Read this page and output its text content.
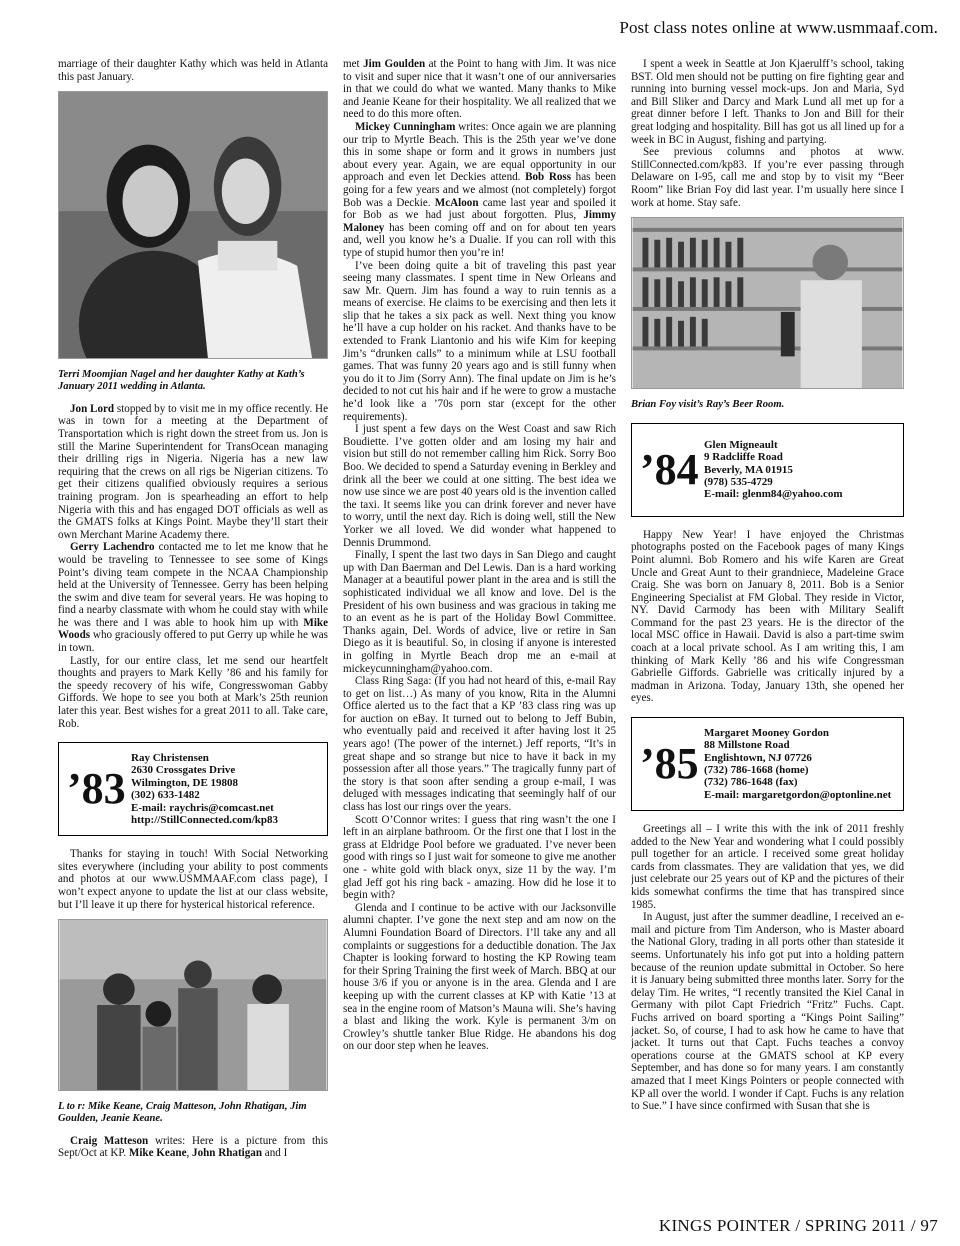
Post class notes online at www.usmmaaf.com.

marriage of their daughter Kathy which was held in Atlanta this past January.

Terri Moomjian Nagel and her daughter Kathy at Kath’s January 2011 wedding in Atlanta.

Jon Lord stopped by to visit me in my office recently. He was in town for a meeting at the Department of Transportation which is right down the street from us. Jon is still the Marine Superintendent for TransOcean managing their drilling rigs in Nigeria. Nigeria has a new law requiring that the crews on all rigs be Nigerian citizens. To get their citizens qualified obviously requires a serious training program. Jon is spearheading an effort to help Nigeria with this and has engaged DOT officials as well as the GMATS folks at Kings Point. Maybe they’ll start their own Merchant Marine Academy there.

Gerry Lachendro contacted me to let me know that he would be traveling to Tennessee to see some of Kings Point’s diving team compete in the NCAA Championship held at the University of Tennessee. Gerry has been helping the swim and dive team for several years. He was hoping to find a nearby classmate with whom he could stay with while he was there and I was able to hook him up with Mike Woods who graciously offered to put Gerry up while he was in town.

Lastly, for our entire class, let me send our heartfelt thoughts and prayers to Mark Kelly ’86 and his family for the speedy recovery of his wife, Congresswoman Gabby Giffords. We hope to see you both at Mark’s 25th reunion later this year. Best wishes for a great 2011 to all. Take care, Rob.

’83
Ray Christensen
2630 Crossgates Drive
Wilmington, DE 19808
(302) 633-1482
E-mail: raychris@comcast.net
http://StillConnected.com/kp83

Thanks for staying in touch! With Social Networking sites everywhere (including your ability to post comments and photos at our www.USMMAAF.com class page), I won’t expect anyone to update the list at our class website, but I’ll leave it up there for hysterical historical reference.

L to r: Mike Keane, Craig Matteson, John Rhatigan, Jim Goulden, Jeanie Keane.

Craig Matteson writes: Here is a picture from this Sept/Oct at KP. Mike Keane, John Rhatigan and I

met Jim Goulden at the Point to hang with Jim. It was nice to visit and super nice that it wasn’t one of our anniversaries in that we could do what we wanted. Many thanks to Mike and Jeanie Keane for their hospitality. We all realized that we need to do this more often.

Mickey Cunningham writes: Once again we are planning our trip to Myrtle Beach. This is the 25th year we’ve done this in some shape or form and it grows in numbers just about every year. Again, we are equal opportunity in our approach and even let Deckies attend. Bob Ross has been going for a few years and we almost (not completely) forgot Bob was a Deckie. McAloon came last year and spoiled it for Bob as we had just about forgotten. Plus, Jimmy Maloney has been coming off and on for about ten years and, well you know he’s a Dualie. If you can roll with this type of stupid humor then you’re in!

I’ve been doing quite a bit of traveling this past year seeing many classmates. I spent time in New Orleans and saw Mr. Quern. Jim has found a way to ruin tennis as a means of exercise. He claims to be exercising and then lets it slip that he takes a six pack as well. Next thing you know he’ll have a cup holder on his racket. And thanks have to be extended to Frank Liantonio and his wife Kim for keeping Jim’s “drunken calls” to a minimum while at LSU football games. That was funny 20 years ago and is still funny when you do it to Jim (Sorry Ann). The final update on Jim is he’s decided to not cut his hair and if he were to grow a mustache he’d look like a ’70s porn star (except for the other requirements).

I just spent a few days on the West Coast and saw Rich Boudiette. I’ve gotten older and am losing my hair and vision but still do not remember calling him Rick. Sorry Boo Boo. We decided to spend a Saturday evening in Berkley and drink all the beer we could at one sitting. The best idea we now use since we are post 40 years old is the invention called the taxi. It seems like you can drink forever and never have to worry, until the next day. Rich is doing well, still the New Yorker we all loved. We did wonder what happened to Dennis Drummond.

Finally, I spent the last two days in San Diego and caught up with Dan Baerman and Del Lewis. Dan is a hard working Manager at a beautiful power plant in the area and is still the sophisticated individual we all know and love. Del is the President of his own business and was gracious in taking me to an event as he is part of the Holiday Bowl Committee. Thanks again, Del. Words of advice, live or retire in San Diego as it is beautiful. So, in closing if anyone is interested in golfing in Myrtle Beach drop me an e-mail at mickeycunningham@yahoo.com.

Class Ring Saga: (If you had not heard of this, e-mail Ray to get on list…) As many of you know, Rita in the Alumni Office alerted us to the fact that a KP ’83 class ring was up for auction on eBay. It turned out to belong to Jeff Bubin, who eventually paid and received it after having lost it 25 years ago! (The power of the internet.) Jeff reports, “It’s in great shape and so strange but nice to have it back in my possession after all those years.” The tragically funny part of the story is that soon after sending a group e-mail, I was deluged with messages indicating that seemingly half of our class has lost our rings over the years.

Scott O’Connor writes: I guess that ring wasn’t the one I left in an airplane bathroom. Or the first one that I lost in the grass at Eldridge Pool before we graduated. I’ve never been good with rings so I just wait for someone to give me another one - white gold with black onyx, size 11 by the way. I’m glad Jeff got his ring back - amazing. How did he lose it to begin with?

Glenda and I continue to be active with our Jacksonville alumni chapter. I’ve gone the next step and am now on the Alumni Foundation Board of Directors. I’ll take any and all complaints or suggestions for a deductible donation. The Jax Chapter is looking forward to hosting the KP Rowing team for their Spring Training the first week of March. BBQ at our house 3/6 if you or anyone is in the area. Glenda and I are keeping up with the current classes at KP with Katie ’13 at sea in the engine room of Matson’s Mauna wili. She’s having a blast and liking the work. Kyle is permanent 3/m on Crowley’s shuttle tanker Blue Ridge. He abandons his dog on our door step when he leaves.

I spent a week in Seattle at Jon Kjaerulff’s school, taking BST. Old men should not be putting on fire fighting gear and running into burning vessel mock-ups. Jon and Maria, Syd and Bill Sliker and Darcy and Mark Lund all met up for a great dinner before I left. Thanks to Jon and Bill for their great lodging and hospitality. Bill has got us all lined up for a week in BC in August, fishing and partying.

See previous columns and photos at www. StillConnected.com/kp83. If you’re ever passing through Delaware on I-95, call me and stop by to visit my “Beer Room” like Brian Foy did last year. I’m usually here since I work at home. Stay safe.

Brian Foy visit’s Ray’s Beer Room.
’84
Glen Migneault
9 Radcliffe Road
Beverly, MA 01915
(978) 535-4729
E-mail: glenm84@yahoo.com

Happy New Year! I have enjoyed the Christmas photographs posted on the Facebook pages of many Kings Point alumni. Bob Romero and his wife Karen are Great Uncle and Great Aunt to their grandniece, Madeleine Grace Craig. She was born on January 8, 2011. Bob is a Senior Engineering Specialist at FM Global. They reside in Victor, NY. David Carmody has been with Military Sealift Command for the past 23 years. He is the director of the local MSC office in Hawaii. David is also a part-time swim coach at a local private school. As I am writing this, I am thinking of Mark Kelly ’86 and his wife Congressman Gabrielle Giffords. Gabrielle was critically injured by a madman in Arizona. Today, January 13th, she opened her eyes.

’85
Margaret Mooney Gordon
88 Millstone Road
Englishtown, NJ 07726
(732) 786-1668 (home)
(732) 786-1648 (fax)
E-mail: margaretgordon@optonline.net

Greetings all – I write this with the ink of 2011 freshly added to the New Year and wondering what I could possibly pull together for an article. I received some great holiday cards from classmates. They are validation that yes, we did just celebrate our 25 years out of KP and the pictures of their kids somewhat confirms the time that has transpired since 1985.

In August, just after the summer deadline, I received an e-mail and picture from Tim Anderson, who is Master aboard the National Glory, trading in all ports other than stateside it seems. Unfortunately his info got put into a holding pattern because of the reunion update submittal in October. So here it is January being submitted three months later. Sorry for the delay Tim. He writes, “I recently transited the Kiel Canal in Germany with pilot Capt Friedrich “Fritz” Fuchs. Capt. Fuchs arrived on board sporting a “Kings Point Sailing” jacket. So, of course, I had to ask how he came to have that jacket. It turns out that Capt. Fuchs teaches a convoy operations course at the GMATS school at KP every September, and has done so for many years. I am constantly amazed that I meet Kings Pointers or people connected with KP all over the world. I wonder if Capt. Fuchs is any relation to Sue.” I have since confirmed with Susan that she is

KINGS POINTER / SPRING 2011 / 97
